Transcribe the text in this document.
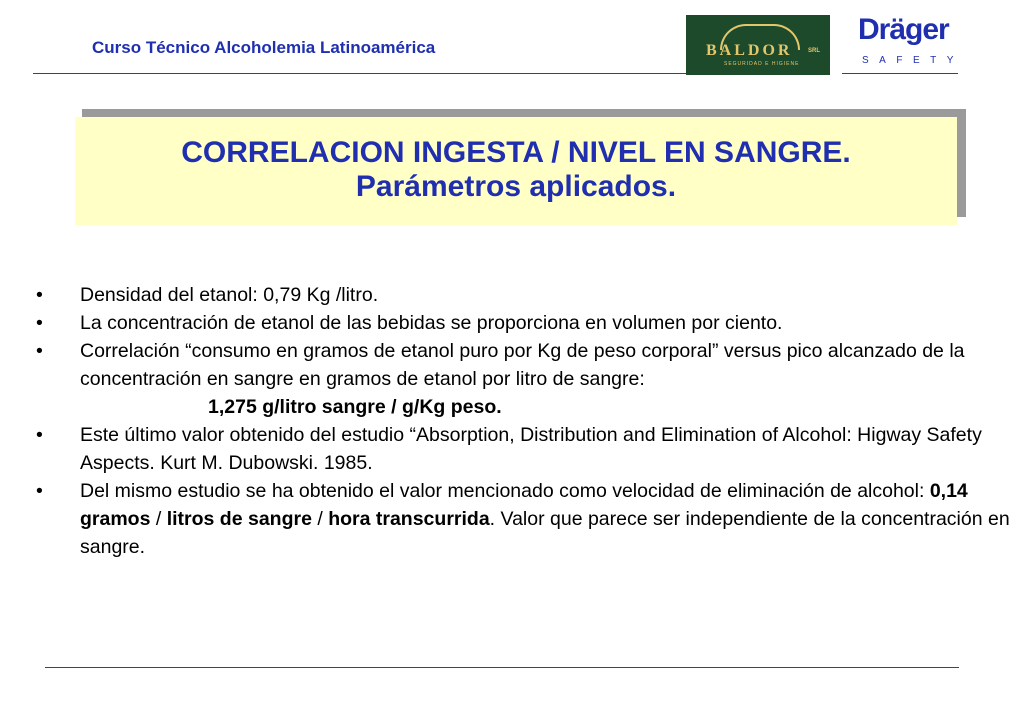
Curso Técnico Alcoholemia Latinoamérica	BALDOR	SRL
SEGURIDAD E HIGIENE
Dräger
SAFETY
CORRELACION INGESTA / NIVEL EN SANGRE.
Parámetros aplicados.
• Densidad del etanol: 0,79 Kg /litro.
• La concentración de etanol de las bebidas se proporciona en volumen por ciento.
• Correlación “consumo en gramos de etanol puro por Kg de peso corporal” versus pico alcanzado de la concentración en sangre en gramos de etanol por litro de sangre:
1,275 g/litro sangre / g/Kg peso.
• Este último valor obtenido del estudio “Absorption, Distribution and Elimination of Alcohol: Higway Safety Aspects. Kurt M. Dubowski. 1985.
• Del mismo estudio se ha obtenido el valor mencionado como velocidad de eliminación de alcohol: 0,14 gramos / litros de sangre / hora transcurrida. Valor que parece ser independiente de la concentración en sangre.
